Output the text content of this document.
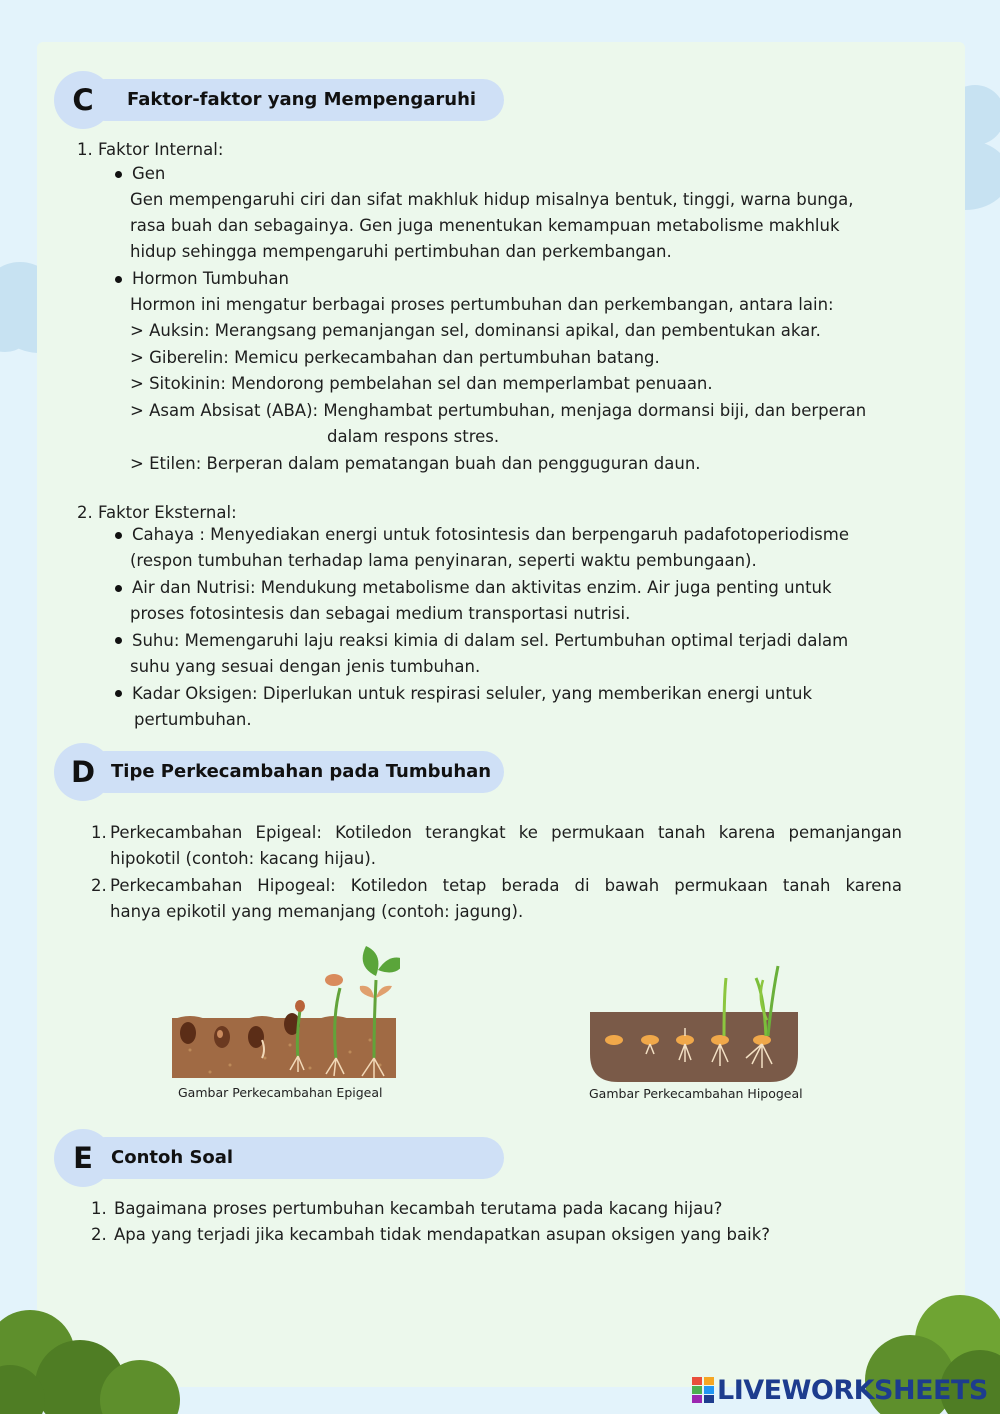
C	Faktor-faktor yang Mempengaruhi
1. Faktor Internal:
Gen
Gen mempengaruhi ciri dan sifat makhluk hidup misalnya bentuk, tinggi, warna bunga,
rasa buah dan sebagainya. Gen juga menentukan kemampuan metabolisme makhluk
hidup sehingga mempengaruhi pertimbuhan dan perkembangan.
Hormon Tumbuhan
Hormon ini mengatur berbagai proses pertumbuhan dan perkembangan, antara lain:
> Auksin: Merangsang pemanjangan sel, dominansi apikal, dan pembentukan akar.
> Giberelin: Memicu perkecambahan dan pertumbuhan batang.
> Sitokinin: Mendorong pembelahan sel dan memperlambat penuaan.
> Asam Absisat (ABA): Menghambat pertumbuhan, menjaga dormansi biji, dan berperan
dalam respons stres.
> Etilen: Berperan dalam pematangan buah dan pengguguran daun.
2. Faktor Eksternal:
Cahaya : Menyediakan energi untuk fotosintesis dan berpengaruh padafotoperiodisme
(respon tumbuhan terhadap lama penyinaran, seperti waktu pembungaan).
Air dan Nutrisi: Mendukung metabolisme dan aktivitas enzim. Air juga penting untuk
proses fotosintesis dan sebagai medium transportasi nutrisi.
Suhu: Memengaruhi laju reaksi kimia di dalam sel. Pertumbuhan optimal terjadi dalam
suhu yang sesuai dengan jenis tumbuhan.
Kadar Oksigen: Diperlukan untuk respirasi seluler, yang memberikan energi untuk
pertumbuhan.
D Tipe Perkecambahan pada Tumbuhan
1. Perkecambahan Epigeal: Kotiledon terangkat ke permukaan tanah karena pemanjangan
hipokotil (contoh: kacang hijau).
2. Perkecambahan Hipogeal: Kotiledon tetap berada di bawah permukaan tanah karena
hanya epikotil yang memanjang (contoh: jagung).
Gambar Perkecambahan Epigeal	Gambar Perkecambahan Hipogeal
E	Contoh Soal
1. Bagaimana proses pertumbuhan kecambah terutama pada kacang hijau?
2. Apa yang terjadi jika kecambah tidak mendapatkan asupan oksigen yang baik?
LIVEWORKSHEETS
